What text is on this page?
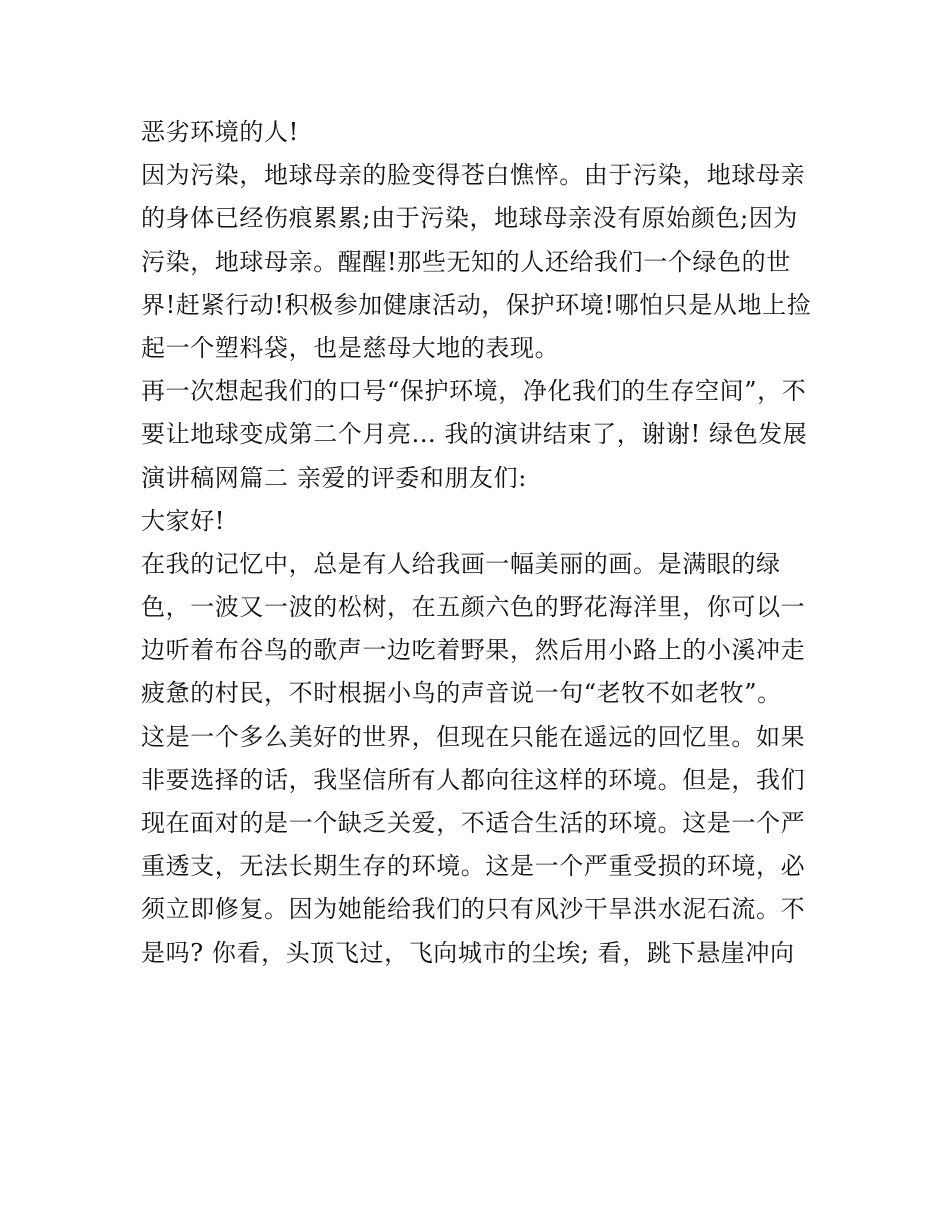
恶劣环境的人!
因为污染，地球母亲的脸变得苍白憔悴。由于污染，地球母亲
的身体已经伤痕累累;由于污染，地球母亲没有原始颜色;因为
污染，地球母亲。醒醒!那些无知的人还给我们一个绿色的世
界!赶紧行动!积极参加健康活动，保护环境!哪怕只是从地上捡
起一个塑料袋，也是慈母大地的表现。
再一次想起我们的口号“保护环境，净化我们的生存空间”，不
要让地球变成第二个月亮... 我的演讲结束了，谢谢! 绿色发展
演讲稿网篇二 亲爱的评委和朋友们:
大家好!
在我的记忆中，总是有人给我画一幅美丽的画。是满眼的绿
色，一波又一波的松树，在五颜六色的野花海洋里，你可以一
边听着布谷鸟的歌声一边吃着野果，然后用小路上的小溪冲走
疲惫的村民，不时根据小鸟的声音说一句“老牧不如老牧”。
这是一个多么美好的世界，但现在只能在遥远的回忆里。如果
非要选择的话，我坚信所有人都向往这样的环境。但是，我们
现在面对的是一个缺乏关爱，不适合生活的环境。这是一个严
重透支，无法长期生存的环境。这是一个严重受损的环境，必
须立即修复。因为她能给我们的只有风沙干旱洪水泥石流。不
是吗? 你看，头顶飞过，飞向城市的尘埃; 看，跳下悬崖冲向
